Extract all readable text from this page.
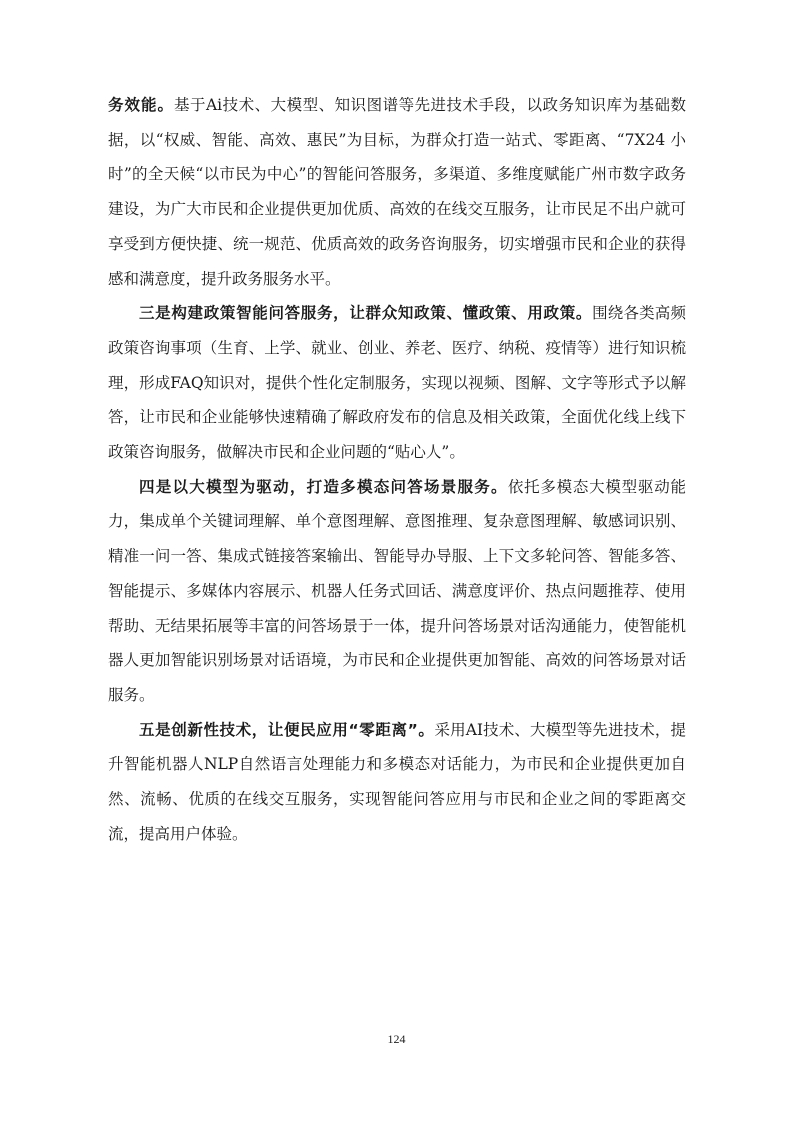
务效能。基于Ai技术、大模型、知识图谱等先进技术手段，以政务知识库为基础数据，以“权威、智能、高效、惠民”为目标，为群众打造一站式、零距离、“7X24 小时”的全天候“以市民为中心”的智能问答服务，多渠道、多维度赋能广州市数字政务建设，为广大市民和企业提供更加优质、高效的在线交互服务，让市民足不出户就可享受到方便快捷、统一规范、优质高效的政务咨询服务，切实增强市民和企业的获得感和满意度，提升政务服务水平。

三是构建政策智能问答服务，让群众知政策、懂政策、用政策。围绕各类高频政策咨询事项（生育、上学、就业、创业、养老、医疗、纳税、疫情等）进行知识梳理，形成FAQ知识对，提供个性化定制服务，实现以视频、图解、文字等形式予以解答，让市民和企业能够快速精确了解政府发布的信息及相关政策，全面优化线上线下政策咨询服务，做解决市民和企业问题的“贴心人”。

四是以大模型为驱动，打造多模态问答场景服务。依托多模态大模型驱动能力，集成单个关键词理解、单个意图理解、意图推理、复杂意图理解、敏感词识别、精准一问一答、集成式链接答案输出、智能导办导服、上下文多轮问答、智能多答、智能提示、多媒体内容展示、机器人任务式回话、满意度评价、热点问题推荐、使用帮助、无结果拓展等丰富的问答场景于一体，提升问答场景对话沟通能力，使智能机器人更加智能识别场景对话语境，为市民和企业提供更加智能、高效的问答场景对话服务。

五是创新性技术，让便民应用“零距离”。采用AI技术、大模型等先进技术，提升智能机器人NLP自然语言处理能力和多模态对话能力，为市民和企业提供更加自然、流畅、优质的在线交互服务，实现智能问答应用与市民和企业之间的零距离交流，提高用户体验。

124
